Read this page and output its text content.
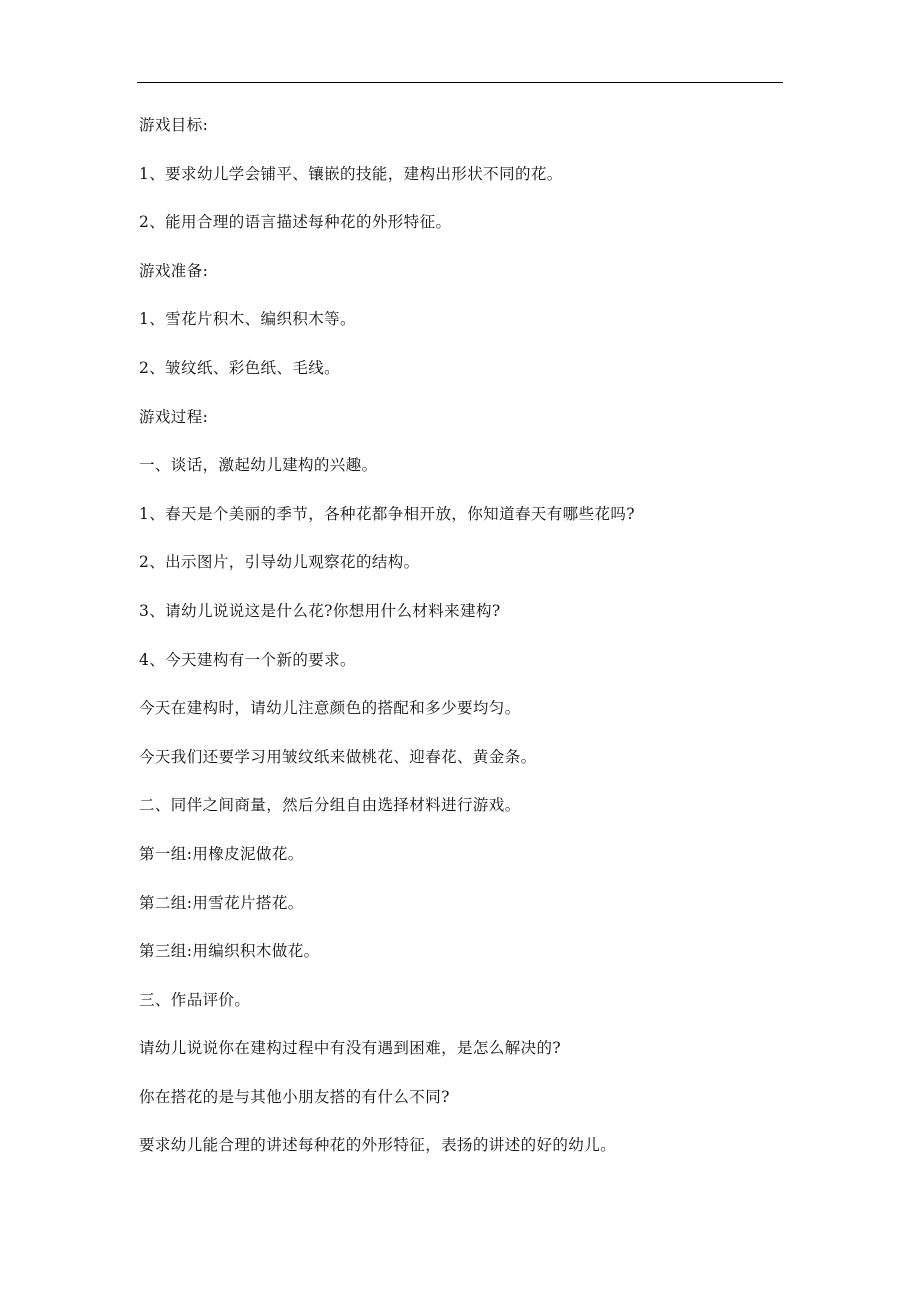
游戏目标:
1、要求幼儿学会铺平、镶嵌的技能，建构出形状不同的花。
2、能用合理的语言描述每种花的外形特征。
游戏准备:
1、雪花片积木、编织积木等。
2、皱纹纸、彩色纸、毛线。
游戏过程:
一、谈话，激起幼儿建构的兴趣。
1、春天是个美丽的季节，各种花都争相开放，你知道春天有哪些花吗?
2、出示图片，引导幼儿观察花的结构。
3、请幼儿说说这是什么花?你想用什么材料来建构?
4、今天建构有一个新的要求。
今天在建构时，请幼儿注意颜色的搭配和多少要均匀。
今天我们还要学习用皱纹纸来做桃花、迎春花、黄金条。
二、同伴之间商量，然后分组自由选择材料进行游戏。
第一组:用橡皮泥做花。
第二组:用雪花片搭花。
第三组:用编织积木做花。
三、作品评价。
请幼儿说说你在建构过程中有没有遇到困难，是怎么解决的?
你在搭花的是与其他小朋友搭的有什么不同?
要求幼儿能合理的讲述每种花的外形特征，表扬的讲述的好的幼儿。
